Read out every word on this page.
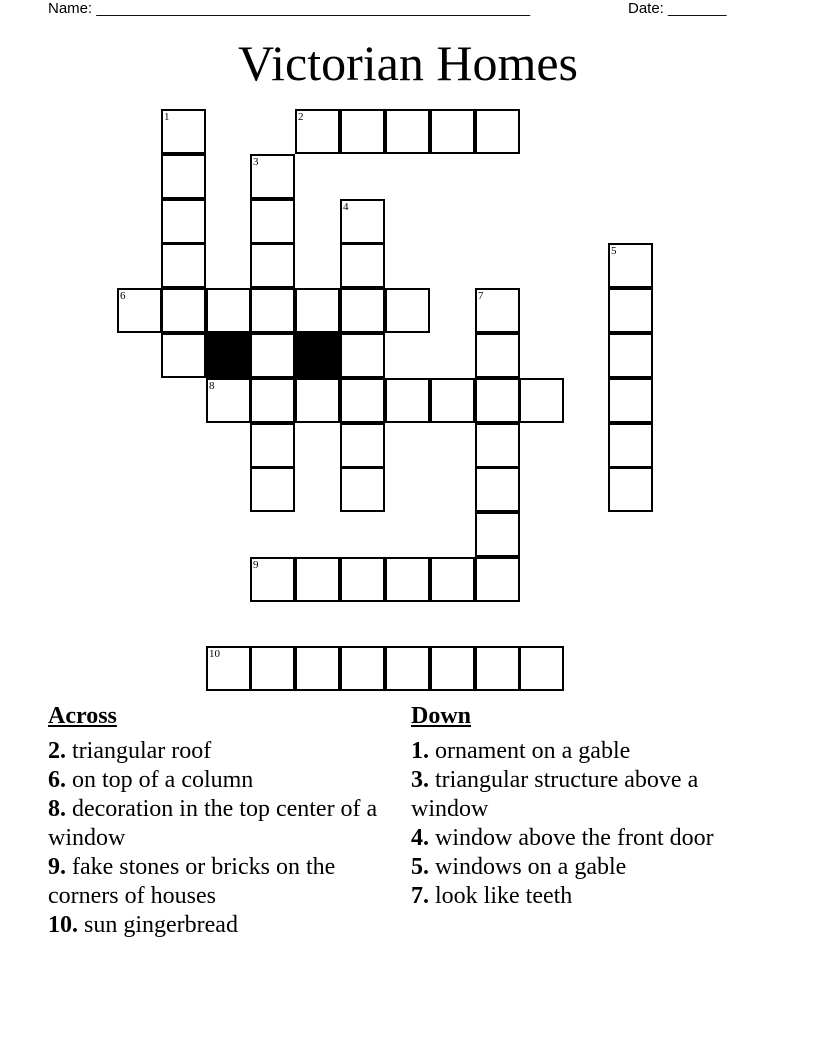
Name: ____________________________________________________	Date: _______
Victorian Homes
1	2
3
4
5
6	7
8
9
10
Across

2. triangular roof

6. on top of a column

8. decoration in the top center of a window

9. fake stones or bricks on the corners of houses

10. sun gingerbread

Down

1. ornament on a gable

3. triangular structure above a window

4. window above the front door

5. windows on a gable

7. look like teeth
